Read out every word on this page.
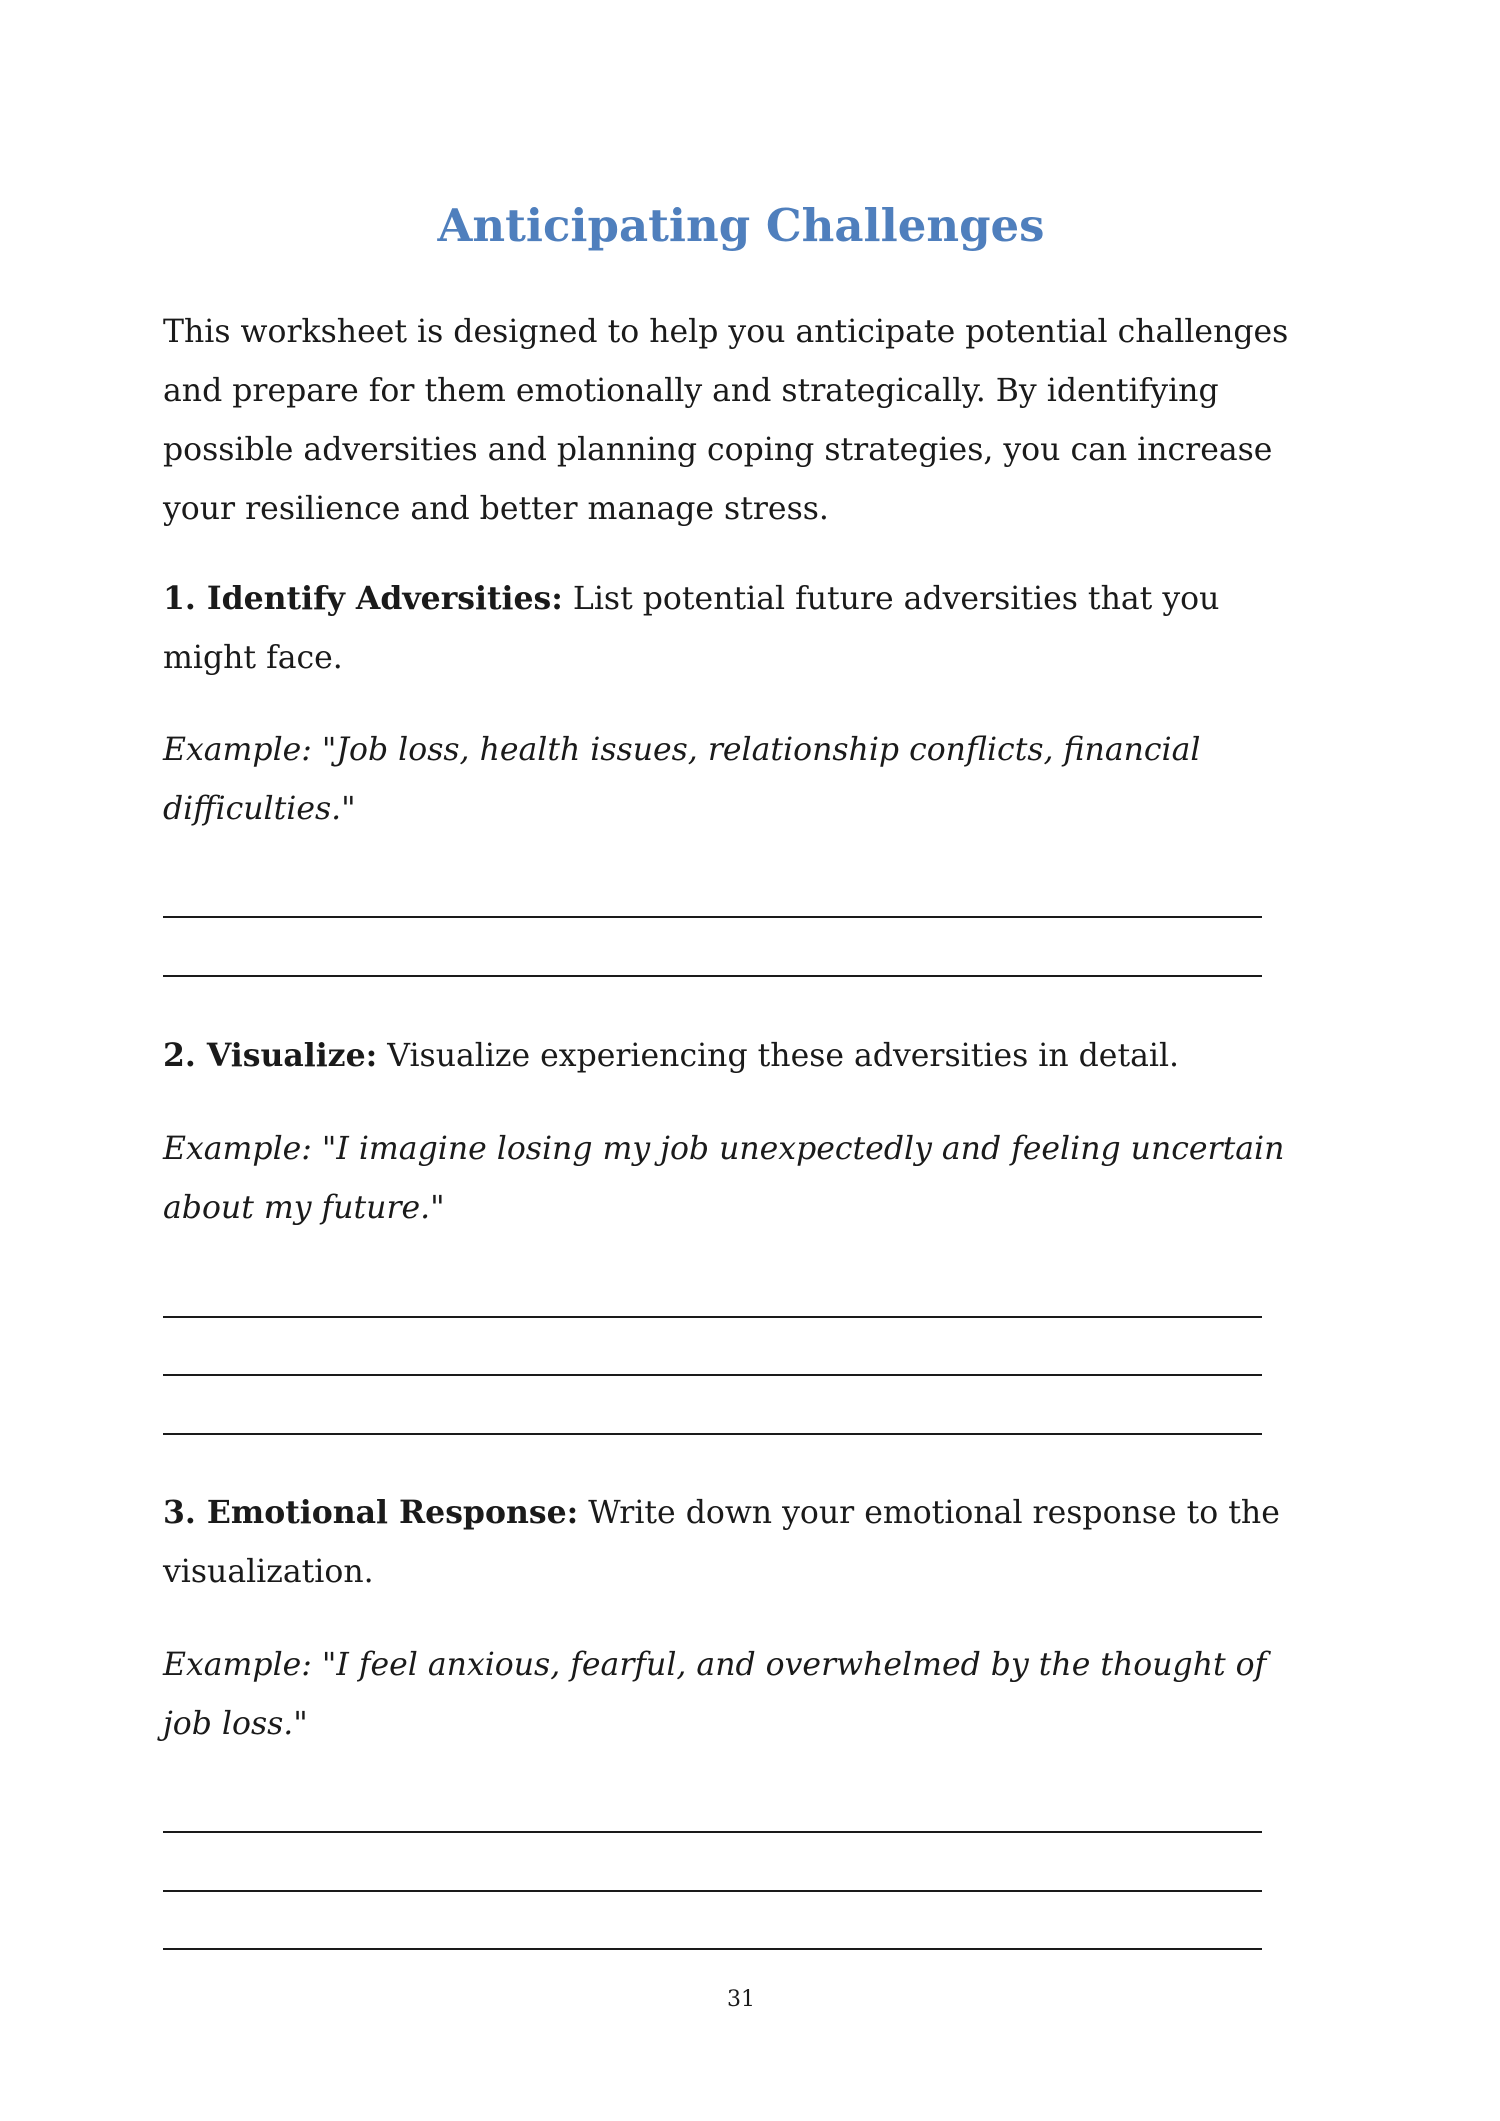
Anticipating Challenges

This worksheet is designed to help you anticipate potential challenges and prepare for them emotionally and strategically. By identifying possible adversities and planning coping strategies, you can increase your resilience and better manage stress.

1. Identify Adversities: List potential future adversities that you might face.

Example: "Job loss, health issues, relationship conflicts, financial difficulties."

2. Visualize: Visualize experiencing these adversities in detail.

Example: "I imagine losing my job unexpectedly and feeling uncertain about my future."

3. Emotional Response: Write down your emotional response to the visualization.

Example: "I feel anxious, fearful, and overwhelmed by the thought of job loss."

31
